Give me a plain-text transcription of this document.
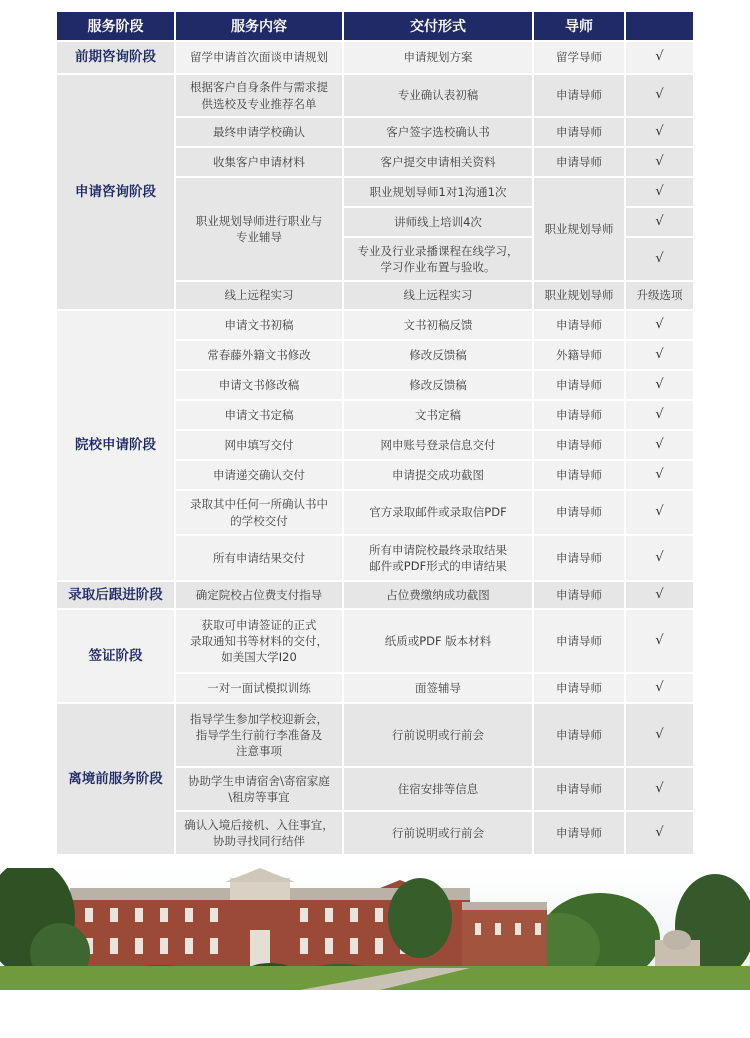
服务阶段	服务内容	交付形式	导师	
前期咨询阶段	留学申请首次面谈申请规划	申请规划方案	留学导师	√
申请咨询阶段	根据客户自身条件与需求提
供选校及专业推荐名单	专业确认表初稿	申请导师	√
	最终申请学校确认	客户签字选校确认书	申请导师	√
	收集客户申请材料	客户提交申请相关资料	申请导师	√
	职业规划导师进行职业与
专业辅导	职业规划导师1对1沟通1次	职业规划导师	√
		讲师线上培训4次		√
		专业及行业录播课程在线学习，
学习作业布置与验收。		√
	线上远程实习	线上远程实习	职业规划导师	升级选项
院校申请阶段	申请文书初稿	文书初稿反馈	申请导师	√
	常春藤外籍文书修改	修改反馈稿	外籍导师	√
	申请文书修改稿	修改反馈稿	申请导师	√
	申请文书定稿	文书定稿	申请导师	√
	网申填写交付	网申账号登录信息交付	申请导师	√
	申请递交确认交付	申请提交成功截图	申请导师	√
	录取其中任何一所确认书中
的学校交付	官方录取邮件或录取信PDF	申请导师	√
	所有申请结果交付	所有申请院校最终录取结果
邮件或PDF形式的申请结果	申请导师	√
录取后跟进阶段	确定院校占位费支付指导	占位费缴纳成功截图	申请导师	√
签证阶段	获取可申请签证的正式
录取通知书等材料的交付，
如美国大学I20	纸质或PDF 版本材料	申请导师	√
	一对一面试模拟训练	面签辅导	申请导师	√
离境前服务阶段	指导学生参加学校迎新会，
指导学生行前行李准备及
注意事项	行前说明或行前会	申请导师	√
	协助学生申请宿舍\寄宿家庭
\租房等事宜	住宿安排等信息	申请导师	√
	确认入境后接机、入住事宜，
协助寻找同行结伴	行前说明或行前会	申请导师	√
